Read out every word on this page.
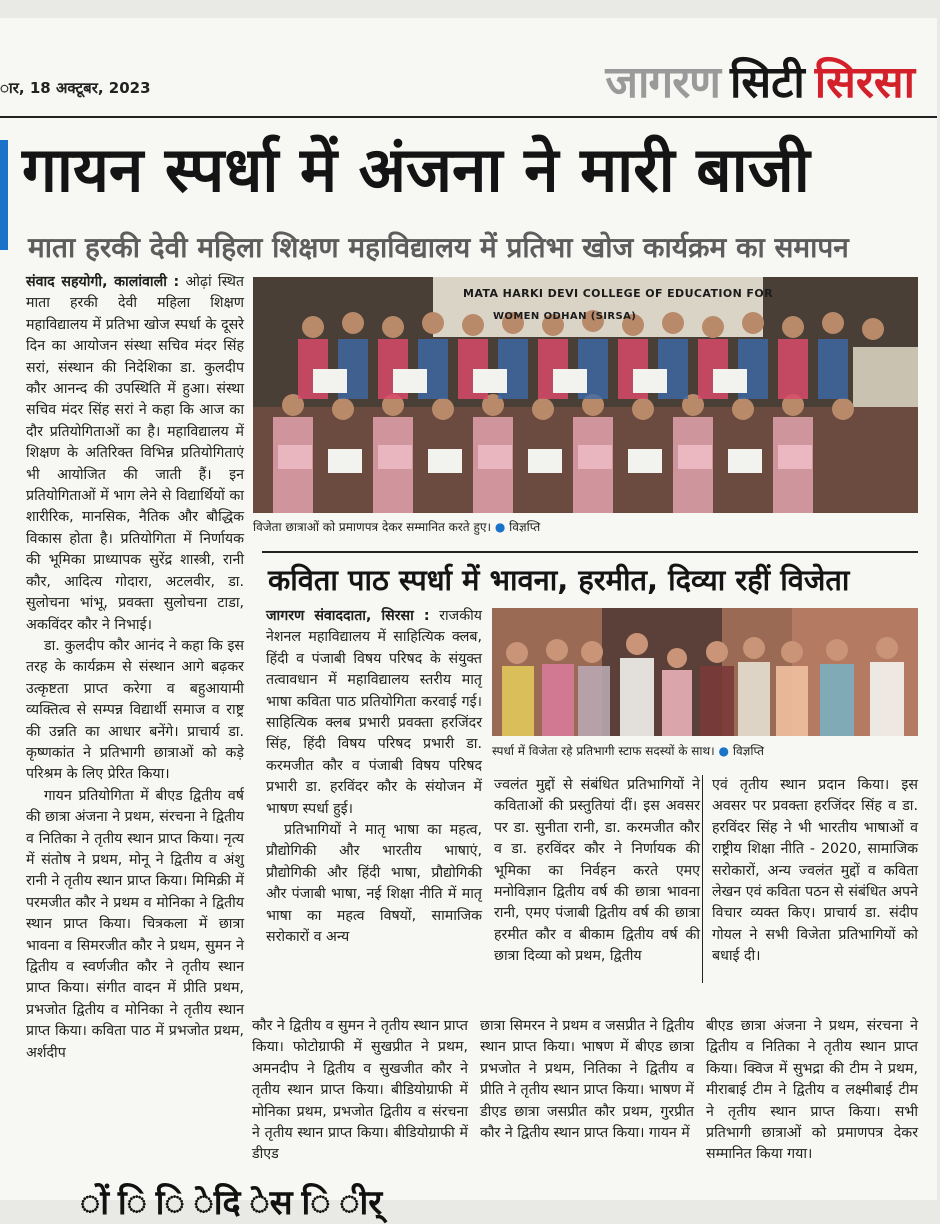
ार, 18 अक्टूबर, 2023	जागरण सिटी सिरसा
गायन स्पर्धा में अंजना ने मारी बाजी
माता हरकी देवी महिला शिक्षण महाविद्यालय में प्रतिभा खोज कार्यक्रम का समापन

संवाद सहयोगी, कालांवाली : ओढ़ां स्थित माता हरकी देवी महिला शिक्षण महाविद्यालय में प्रतिभा खोज स्पर्धा के दूसरे दिन का आयोजन संस्था सचिव मंदर सिंह सरां, संस्थान की निदेशिका डा. कुलदीप कौर आनन्द की उपस्थिति में हुआ। संस्था सचिव मंदर सिंह सरां ने कहा कि आज का दौर प्रतियोगिताओं का है। महाविद्यालय में शिक्षण के अतिरिक्त विभिन्न प्रतियोगिताएं भी आयोजित की जाती हैं। इन प्रतियोगिताओं में भाग लेने से विद्यार्थियों का शारीरिक, मानसिक, नैतिक और बौद्धिक विकास होता है। प्रतियोगिता में निर्णायक की भूमिका प्राध्यापक सुरेंद्र शास्त्री, रानी कौर, आदित्य गोदारा, अटलवीर, डा. सुलोचना भांभू, प्रवक्ता सुलोचना टाडा, अकविंदर कौर ने निभाई।

डा. कुलदीप कौर आनंद ने कहा कि इस तरह के कार्यक्रम से संस्थान आगे बढ़कर उत्कृष्टता प्राप्त करेगा व बहुआयामी व्यक्तित्व से सम्पन्न विद्यार्थी समाज व राष्ट्र की उन्नति का आधार बनेंगे। प्राचार्य डा. कृष्णकांत ने प्रतिभागी छात्राओं को कड़े परिश्रम के लिए प्रेरित किया।

गायन प्रतियोगिता में बीएड द्वितीय वर्ष की छात्रा अंजना ने प्रथम, संरचना ने द्वितीय व नितिका ने तृतीय स्थान प्राप्त किया। नृत्य में संतोष ने प्रथम, मोनू ने द्वितीय व अंशु रानी ने तृतीय स्थान प्राप्त किया। मिमिक्री में परमजीत कौर ने प्रथम व मोनिका ने द्वितीय स्थान प्राप्त किया। चित्रकला में छात्रा भावना व सिमरजीत कौर ने प्रथम, सुमन ने द्वितीय व स्वर्णजीत कौर ने तृतीय स्थान प्राप्त किया। संगीत वादन में प्रीति प्रथम, प्रभजोत द्वितीय व मोनिका ने तृतीय स्थान प्राप्त किया। कविता पाठ में प्रभजोत प्रथम, अर्शदीप

MATA HARKI DEVI COLLEGE OF EDUCATION FOR
WOMEN ODHAN (SIRSA)
विजेता छात्राओं को प्रमाणपत्र देकर सम्मानित करते हुए। ● विज्ञप्ति
कविता पाठ स्पर्धा में भावना, हरमीत, दिव्या रहीं विजेता

जागरण संवाददाता, सिरसा : राजकीय नेशनल महाविद्यालय में साहित्यिक क्लब, हिंदी व पंजाबी विषय परिषद के संयुक्त तत्वावधान में महाविद्यालय स्तरीय मातृ भाषा कविता पाठ प्रतियोगिता करवाई गई। साहित्यिक क्लब प्रभारी प्रवक्ता हरजिंदर सिंह, हिंदी विषय परिषद प्रभारी डा. करमजीत कौर व पंजाबी विषय परिषद प्रभारी डा. हरविंदर कौर के संयोजन में भाषण स्पर्धा हुई।

प्रतिभागियों ने मातृ भाषा का महत्व, प्रौद्योगिकी और भारतीय भाषाएं, प्रौद्योगिकी और हिंदी भाषा, प्रौद्योगिकी और पंजाबी भाषा, नई शिक्षा नीति में मातृ भाषा का महत्व विषयों, सामाजिक सरोकारों व अन्य

स्पर्धा में विजेता रहे प्रतिभागी स्टाफ सदस्यों के साथ। ● विज्ञप्ति

ज्वलंत मुद्दों से संबंधित प्रतिभागियों ने कविताओं की प्रस्तुतियां दीं। इस अवसर पर डा. सुनीता रानी, डा. करमजीत कौर व डा. हरविंदर कौर ने निर्णायक की भूमिका का निर्वहन करते एमए मनोविज्ञान द्वितीय वर्ष की छात्रा भावना रानी, एमए पंजाबी द्वितीय वर्ष की छात्रा हरमीत कौर व बीकाम द्वितीय वर्ष की छात्रा दिव्या को प्रथम, द्वितीय

एवं तृतीय स्थान प्रदान किया। इस अवसर पर प्रवक्ता हरजिंदर सिंह व डा. हरविंदर सिंह ने भी भारतीय भाषाओं व राष्ट्रीय शिक्षा नीति - 2020, सामाजिक सरोकारों, अन्य ज्वलंत मुद्दों व कविता लेखन एवं कविता पठन से संबंधित अपने विचार व्यक्त किए। प्राचार्य डा. संदीप गोयल ने सभी विजेता प्रतिभागियों को बधाई दी।

कौर ने द्वितीय व सुमन ने तृतीय स्थान प्राप्त किया। फोटोग्राफी में सुखप्रीत ने प्रथम, अमनदीप ने द्वितीय व सुखजीत कौर ने तृतीय स्थान प्राप्त किया। बीडियोग्राफी में मोनिका प्रथम, प्रभजोत द्वितीय व संरचना ने तृतीय स्थान प्राप्त किया। बीडियोग्राफी में डीएड

छात्रा सिमरन ने प्रथम व जसप्रीत ने द्वितीय स्थान प्राप्त किया। भाषण में बीएड छात्रा प्रभजोत ने प्रथम, नितिका ने द्वितीय व प्रीति ने तृतीय स्थान प्राप्त किया। भाषण में डीएड छात्रा जसप्रीत कौर प्रथम, गुरप्रीत कौर ने द्वितीय स्थान प्राप्त किया। गायन में

बीएड छात्रा अंजना ने प्रथम, संरचना ने द्वितीय व नितिका ने तृतीय स्थान प्राप्त किया। क्विज में सुभद्रा की टीम ने प्रथम, मीराबाई टीम ने द्वितीय व लक्ष्मीबाई टीम ने तृतीय स्थान प्राप्त किया। सभी प्रतिभागी छात्राओं को प्रमाणपत्र देकर सम्मानित किया गया।

ों ि ि ेदि ेस ि ीर्
